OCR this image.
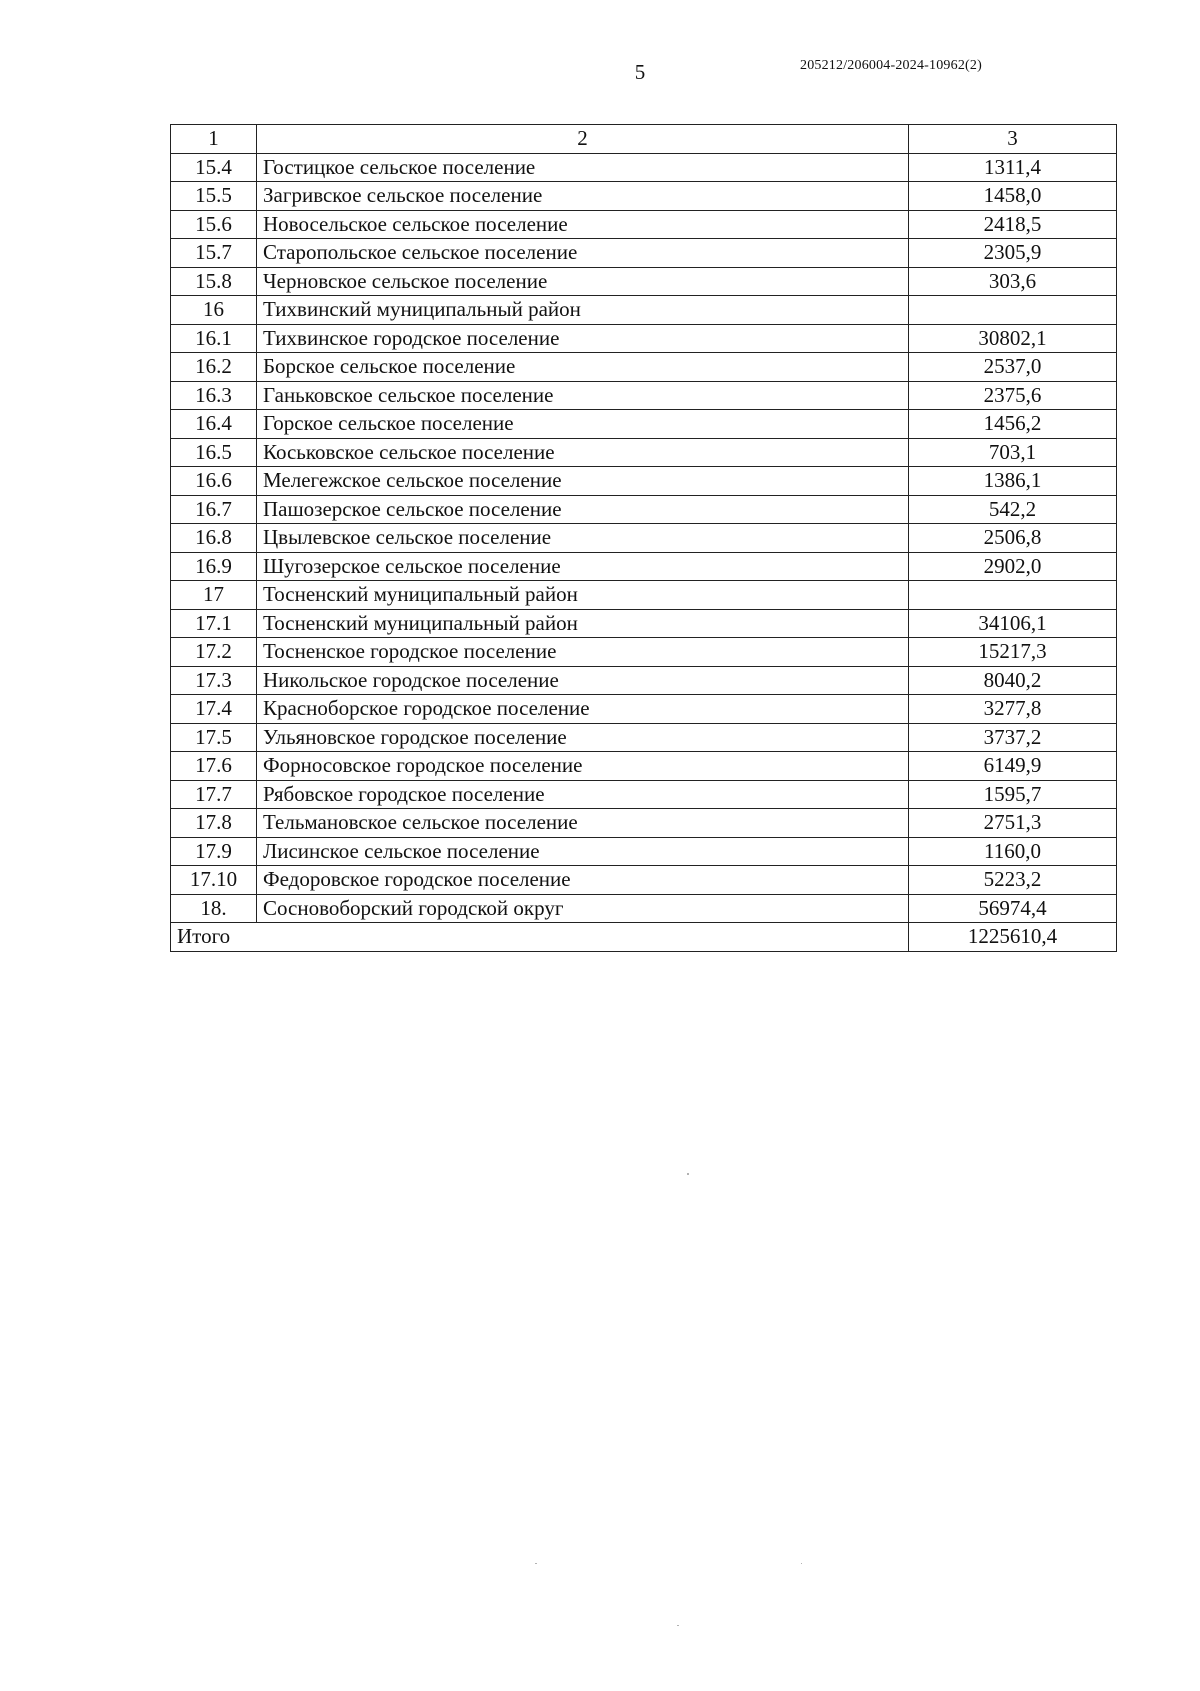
5	205212/206004-2024-10962(2)
1	2	3
15.4	Гостицкое сельское поселение	1311,4
15.5	Загривское сельское поселение	1458,0
15.6	Новосельское сельское поселение	2418,5
15.7	Старопольское сельское поселение	2305,9
15.8	Черновское сельское поселение	303,6
16	Тихвинский муниципальный район	
16.1	Тихвинское городское поселение	30802,1
16.2	Борское сельское поселение	2537,0
16.3	Ганьковское сельское поселение	2375,6
16.4	Горское сельское поселение	1456,2
16.5	Коськовское сельское поселение	703,1
16.6	Мелегежское сельское поселение	1386,1
16.7	Пашозерское сельское поселение	542,2
16.8	Цвылевское сельское поселение	2506,8
16.9	Шугозерское сельское поселение	2902,0
17	Тосненский муниципальный район	
17.1	Тосненский муниципальный район	34106,1
17.2	Тосненское городское поселение	15217,3
17.3	Никольское городское поселение	8040,2
17.4	Красноборское городское поселение	3277,8
17.5	Ульяновское городское поселение	3737,2
17.6	Форносовское городское поселение	6149,9
17.7	Рябовское городское поселение	1595,7
17.8	Тельмановское сельское поселение	2751,3
17.9	Лисинское сельское поселение	1160,0
17.10	Федоровское городское поселение	5223,2
18.	Сосновоборский городской округ	56974,4
Итого		1225610,4
